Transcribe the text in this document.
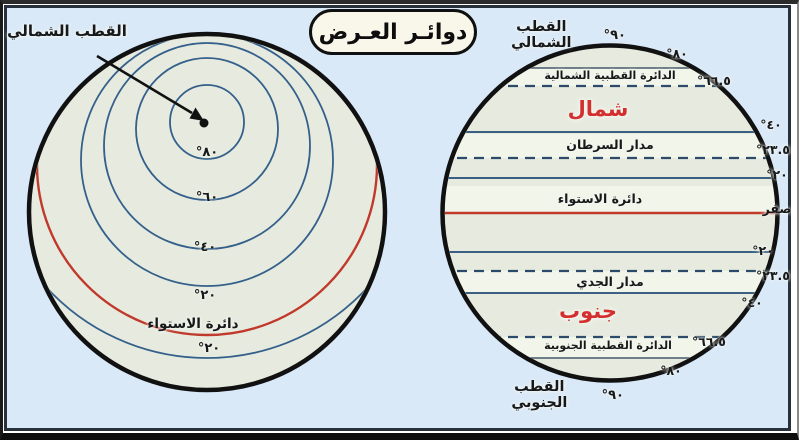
دوائـر العـرض
القطب الشمالي
°٨٠
°٦٠
°٤٠
°٢٠
دائرة الاستواء
°٢٠
القطب الشمالي	°٩٠
الدائرة القطبية الشمالية
شمال
مدار السرطان
دائرة الاستواء
مدار الجدي
جنوب
الدائرة القطبية الجنوبية
القطب الجنوبي	°٩٠
°٨٠
°٦٦.٥
°٤٠
°٢٣.٥
°٢٠
صفر
°٢٠
°٢٣.٥
°٤٠
°٦٦.٥
°٨٠
